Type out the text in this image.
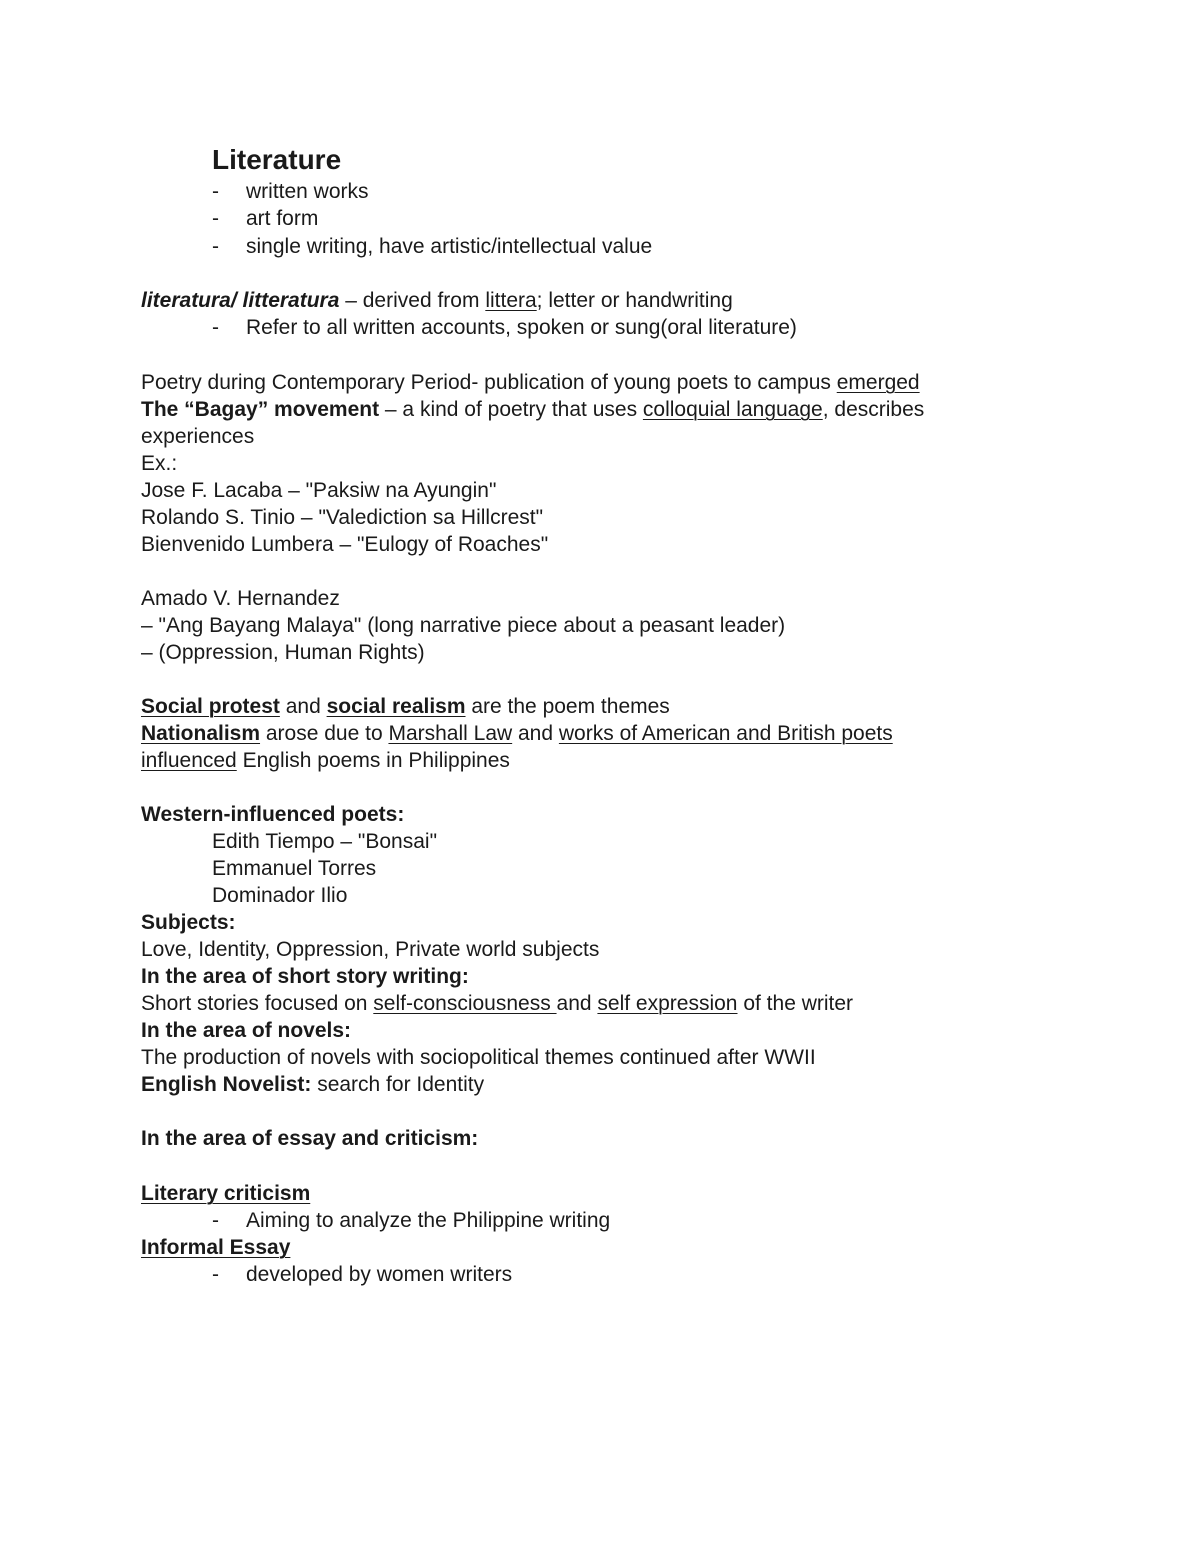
Literature
- written works
- art form
- single writing, have artistic/intellectual value
literatura/ litteratura – derived from littera; letter or handwriting
- Refer to all written accounts, spoken or sung(oral literature)
Poetry during Contemporary Period- publication of young poets to campus emerged
The “Bagay” movement – a kind of poetry that uses colloquial language, describes
experiences
Ex.:
Jose F. Lacaba – "Paksiw na Ayungin"
Rolando S. Tinio – "Valediction sa Hillcrest"
Bienvenido Lumbera – "Eulogy of Roaches"
Amado V. Hernandez
– "Ang Bayang Malaya" (long narrative piece about a peasant leader)
– (Oppression, Human Rights)
Social protest and social realism are the poem themes
Nationalism arose due to Marshall Law and works of American and British poets
influenced English poems in Philippines
Western-influenced poets:
Edith Tiempo – "Bonsai"
Emmanuel Torres
Dominador Ilio
Subjects:
Love, Identity, Oppression, Private world subjects
In the area of short story writing:
Short stories focused on self-consciousness and self expression of the writer
In the area of novels:
The production of novels with sociopolitical themes continued after WWII
English Novelist: search for Identity
In the area of essay and criticism:
Literary criticism
- Aiming to analyze the Philippine writing
Informal Essay
- developed by women writers
